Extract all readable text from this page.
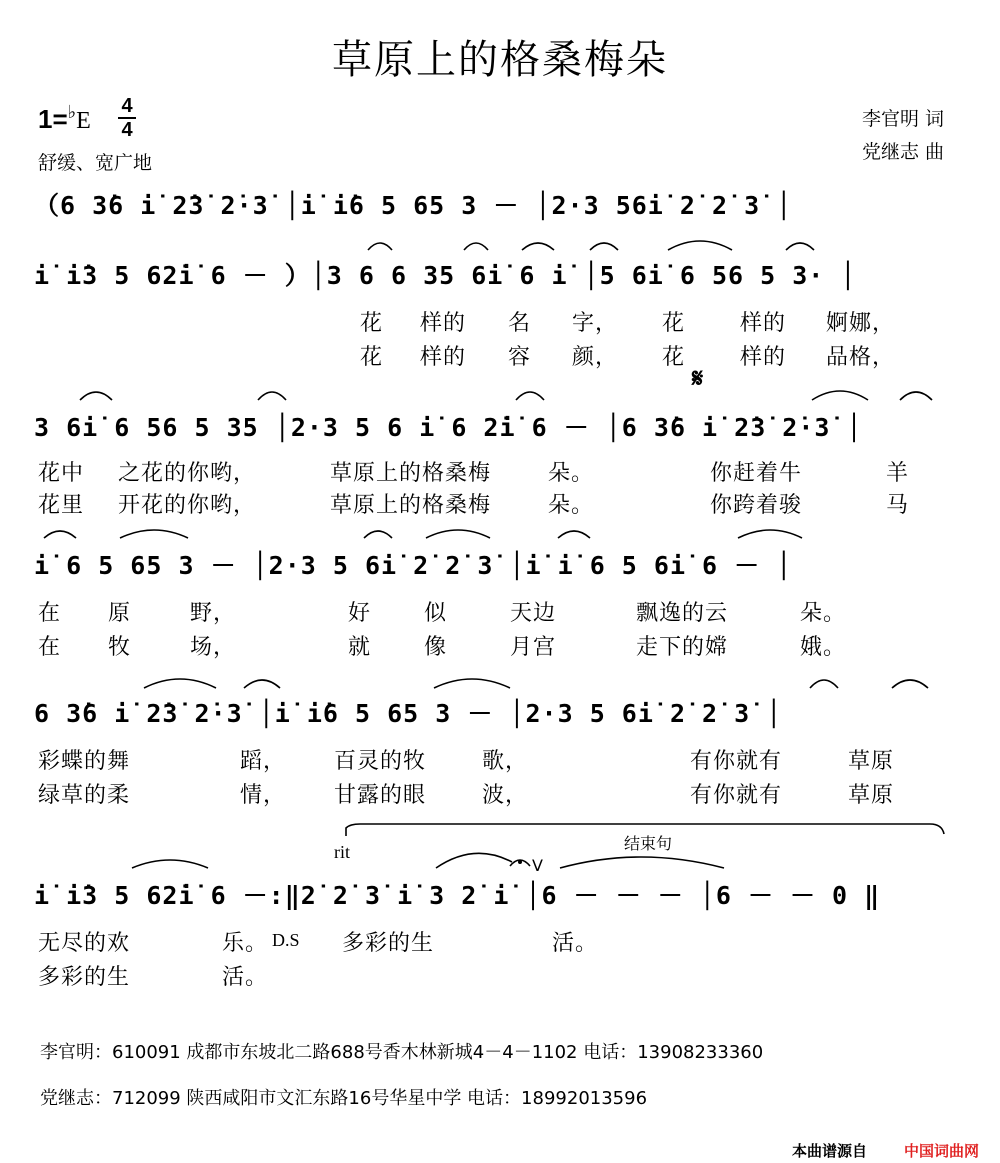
草原上的格桑梅朵
1=♭E
4
4
舒缓、宽广地
李官明 词
党继志 曲
（6 3̇6 i̇ 2̇3̇ 2̇·3̇ │i̇ i̇6 5 65 3 － │2·3 56i̇ 2̇ 2̇ 3̇ │
i̇ i̇3 5 62̇i̇ 6 － ）│3 6 6 35 6i̇ 6 i̇ │5 6i̇ 6 56 5 3· │
3 6i̇ 6 56 5 35 │2·3 5 6 i̇ 6 2̇i̇ 6 － │6 3̇6 i̇ 2̇3̇ 2̇·3̇ │
i̇ 6 5 65 3 － │2·3 5 6i̇ 2̇ 2̇ 3̇ │i̇ i̇ 6 5 6i̇ 6 － │
6 3̇6 i̇ 2̇3̇ 2̇·3̇ │i̇ i̇6 5 65 3 － │2·3 5 6i̇ 2̇ 2̇ 3̇ │
i̇ i̇3 5 62̇i̇ 6 －:‖2̇ 2̇ 3̇ i̇ 3 2̇ i̇ │6 － － － │6 － － 0 ‖
𝄋
rit	结束句
V
花 样的 名 字， 花 样的 婀娜，
花 样的 容 颜， 花 样的 品格，
花中 之花的你哟，	草原上的格桑梅	朵。	你赶着牛	羊
花里 开花的你哟，	草原上的格桑梅	朵。	你跨着骏	马
在 原	野，	好 似	天边	飘逸的云	朵。
在 牧	场，	就 像	月宫	走下的嫦	娥。
彩蝶的舞	蹈， 百灵的牧	歌，	有你就有	草原
绿草的柔	情， 甘露的眼	波，	有你就有	草原
无尽的欢	乐。 D.S 多彩的生	活。
多彩的生	活。
李官明：610091 成都市东坡北二路688号香木林新城4－4－1102 电话：13908233360
党继志：712099 陕西咸阳市文汇东路16号华星中学 电话：18992013596
本曲谱源自 中国词曲网
